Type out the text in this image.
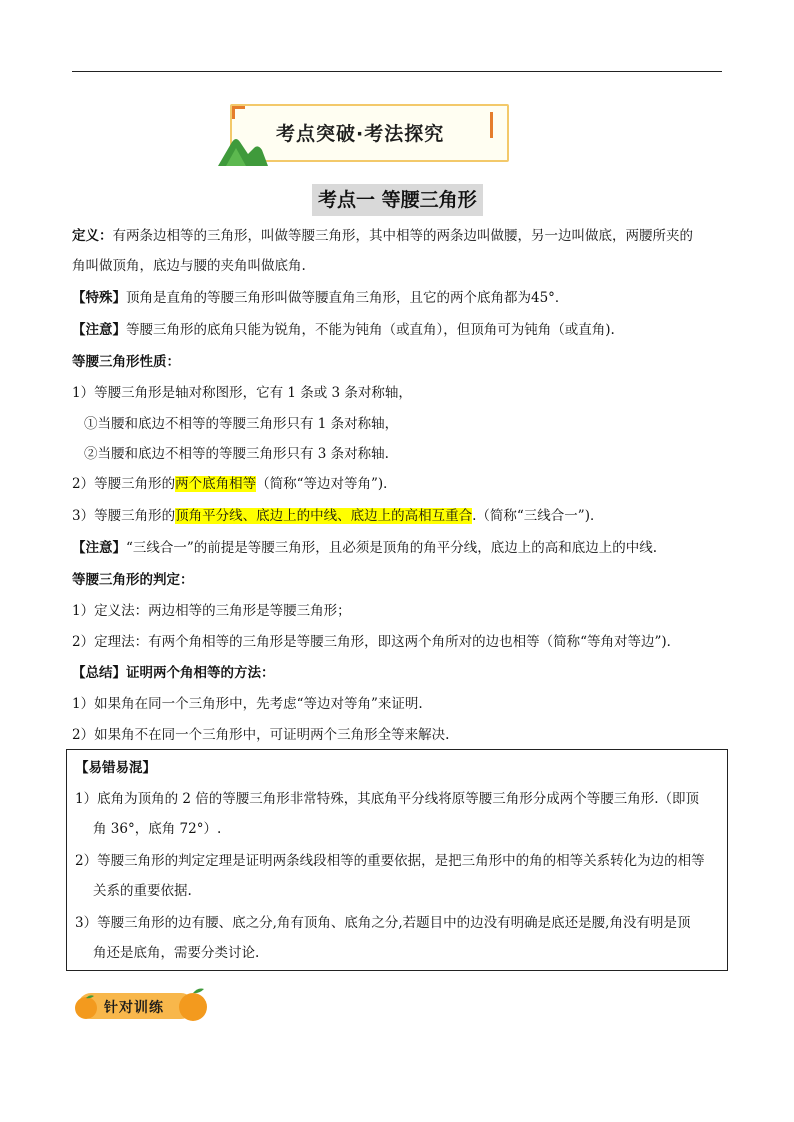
考点突破·考法探究
考点一 等腰三角形
定义：有两条边相等的三角形，叫做等腰三角形，其中相等的两条边叫做腰，另一边叫做底，两腰所夹的
角叫做顶角，底边与腰的夹角叫做底角.
【特殊】顶角是直角的等腰三角形叫做等腰直角三角形，且它的两个底角都为45°．
【注意】等腰三角形的底角只能为锐角，不能为钝角（或直角），但顶角可为钝角（或直角).
等腰三角形性质：
1）等腰三角形是轴对称图形，它有 1 条或 3 条对称轴，
①当腰和底边不相等的等腰三角形只有 1 条对称轴，
②当腰和底边不相等的等腰三角形只有 3 条对称轴.
2）等腰三角形的两个底角相等（简称“等边对等角”)．
3）等腰三角形的顶角平分线、底边上的中线、底边上的高相互重合.（简称“三线合一”)．
【注意】“三线合一”的前提是等腰三角形，且必须是顶角的角平分线，底边上的高和底边上的中线.
等腰三角形的判定：
1）定义法：两边相等的三角形是等腰三角形；
2）定理法：有两个角相等的三角形是等腰三角形，即这两个角所对的边也相等（简称“等角对等边”)．
【总结】证明两个角相等的方法：
1）如果角在同一个三角形中，先考虑“等边对等角”来证明.
2）如果角不在同一个三角形中，可证明两个三角形全等来解决.
【易错易混】
1）底角为顶角的 2 倍的等腰三角形非常特殊，其底角平分线将原等腰三角形分成两个等腰三角形.（即顶
角 36°，底角 72°）.
2）等腰三角形的判定定理是证明两条线段相等的重要依据，是把三角形中的角的相等关系转化为边的相等
关系的重要依据.
3）等腰三角形的边有腰、底之分,角有顶角、底角之分,若题目中的边没有明确是底还是腰,角没有明是顶
角还是底角，需要分类讨论.
针对训练
